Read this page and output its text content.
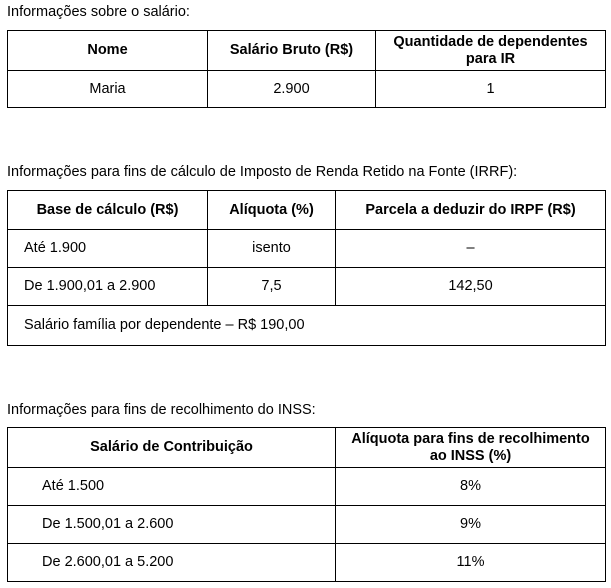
Informações sobre o salário:
Nome	Salário Bruto (R$)	Quantidade de dependentes para IR
Maria	2.900	1
Informações para fins de cálculo de Imposto de Renda Retido na Fonte (IRRF):
Base de cálculo (R$)	Alíquota (%)	Parcela a deduzir do IRPF (R$)
Até 1.900	isento	–
De 1.900,01 a 2.900	7,5	142,50
Salário família por dependente – R$ 190,00		
Informações para fins de recolhimento do INSS:
Salário de Contribuição	Alíquota para fins de recolhimento ao INSS (%)
Até 1.500	8%
De 1.500,01 a 2.600	9%
De 2.600,01 a 5.200	11%
